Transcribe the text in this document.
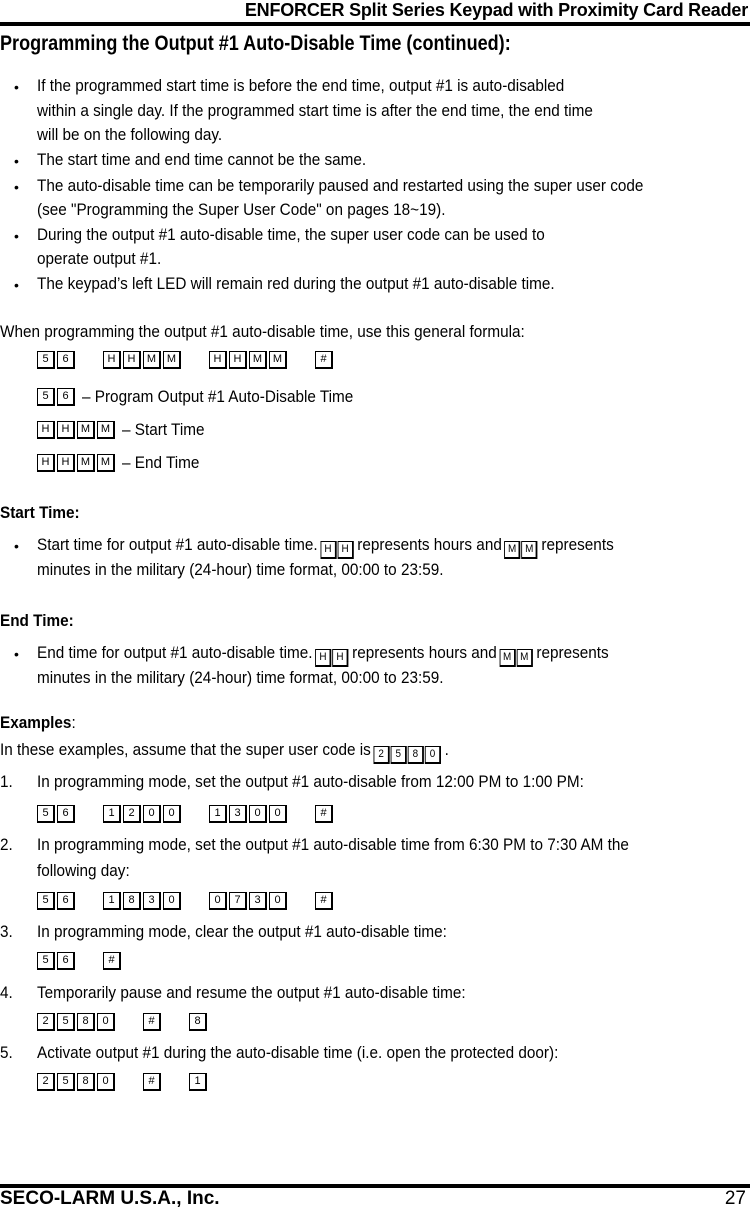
ENFORCER Split Series Keypad with Proximity Card Reader
Programming the Output #1 Auto-Disable Time (continued):
• If the programmed start time is before the end time, output #1 is auto-disabled
within a single day. If the programmed start time is after the end time, the end time
will be on the following day.
• The start time and end time cannot be the same.
• The auto-disable time can be temporarily paused and restarted using the super user code
(see "Programming the Super User Code" on pages 18~19).
• During the output #1 auto-disable time, the super user code can be used to
operate output #1.
• The keypad’s left LED will remain red during the output #1 auto-disable time.
When programming the output #1 auto-disable time, use this general formula:
5	6	H	H	M M	H	H	M M	#
5	6 – Program Output #1 Auto-Disable Time
H	H	M M – Start Time
H	H	M M – End Time
Start Time:
• Start time for output #1 auto-disable time. H H represents hours and M M represents
minutes in the military (24-hour) time format, 00:00 to 23:59.
End Time:
• End time for output #1 auto-disable time. H H represents hours and M M represents
minutes in the military (24-hour) time format, 00:00 to 23:59.
Examples:
In these examples, assume that the super user code is 2	5	8	0 .
1. In programming mode, set the output #1 auto-disable from 12:00 PM to 1:00 PM:
5	6	1	2	0	0	1	3	0	0	#
2. In programming mode, set the output #1 auto-disable time from 6:30 PM to 7:30 AM the
following day:
5	6	1	8	3	0	0	7	3	0	#
3. In programming mode, clear the output #1 auto-disable time:
5	6	#
4. Temporarily pause and resume the output #1 auto-disable time:
2	5	8	0	#	8
5. Activate output #1 during the auto-disable time (i.e. open the protected door):
2	5	8	0	#	1
SECO-LARM U.S.A., Inc.	27
